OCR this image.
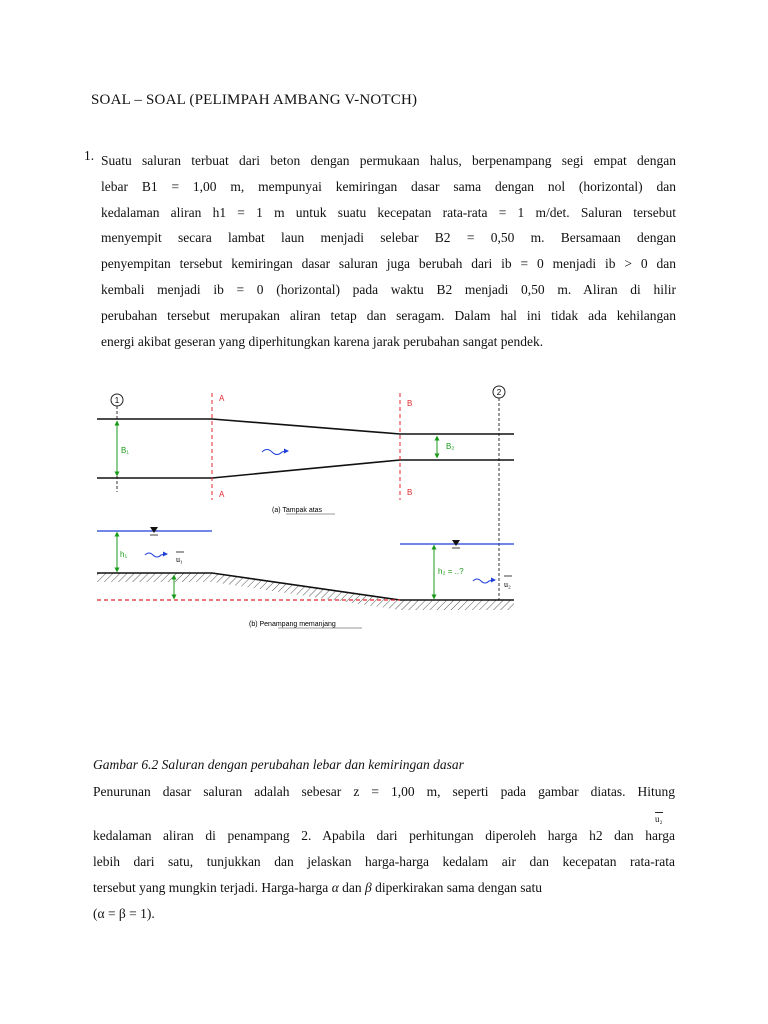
SOAL – SOAL (PELIMPAH AMBANG V-NOTCH)
1. Suatu saluran terbuat dari beton dengan permukaan halus, berpenampang segi empat dengan
lebar B1 = 1,00 m, mempunyai kemiringan dasar sama dengan nol (horizontal) dan
kedalaman aliran h1 = 1 m untuk suatu kecepatan rata-rata = 1 m/det. Saluran tersebut
menyempit secara lambat laun menjadi selebar B2 = 0,50 m. Bersamaan dengan
penyempitan tersebut kemiringan dasar saluran juga berubah dari ib = 0 menjadi ib > 0 dan
kembali menjadi ib = 0 (horizontal) pada waktu B2 menjadi 0,50 m. Aliran di hilir
perubahan tersebut merupakan aliran tetap dan seragam. Dalam hal ini tidak ada kehilangan
energi akibat geseran yang diperhitungkan karena jarak perubahan sangat pendek.
1
2
A
A
B
B
B₁	B₂
(a) Tampak atas
h₁
h₂ = ..?
u₁
u₂
(b) Penampang memanjang
Gambar 6.2 Saluran dengan perubahan lebar dan kemiringan dasar
Penurunan dasar saluran adalah sebesar z = 1,00 m, seperti pada gambar diatas. Hitung
u₂
kedalaman aliran di penampang 2. Apabila dari perhitungan diperoleh harga h2 dan harga
lebih dari satu, tunjukkan dan jelaskan harga-harga kedalam air dan kecepatan rata-rata
tersebut yang mungkin terjadi. Harga-harga α dan β diperkirakan sama dengan satu
(α = β = 1).
